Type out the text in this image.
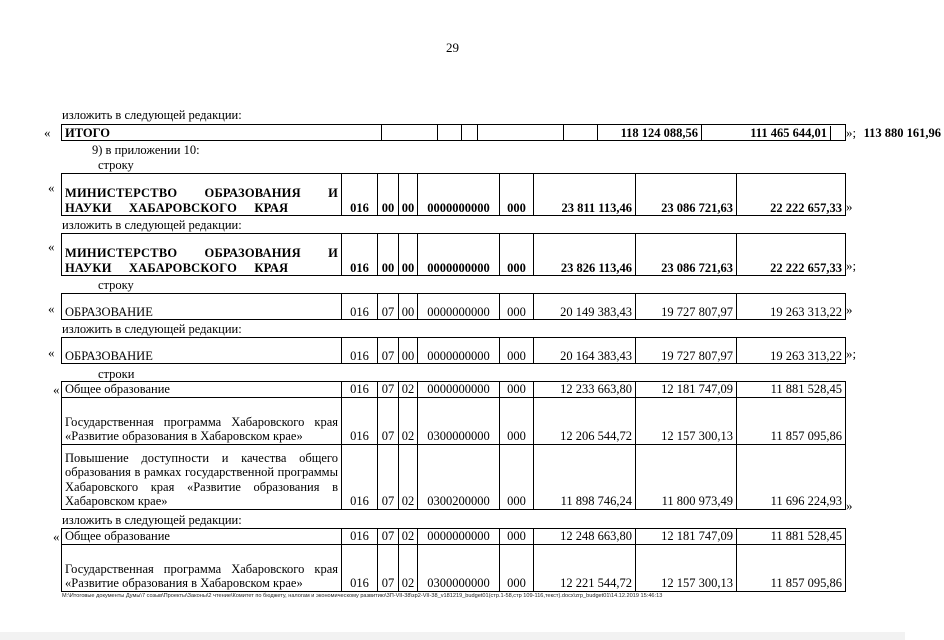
29
изложить в следующей редакции:
« ИТОГО						118 124 088,56	111 465 644,01	113 880 161,96
»;
9) в приложении 10:
строку
« МИНИСТЕРСТВО ОБРАЗОВАНИЯ И НАУКИ ХАБАРОВСКОГО КРАЯ	016	00	00	0000000000	000	23 811 113,46	23 086 721,63	22 222 657,33 »
изложить в следующей редакции:
« МИНИСТЕРСТВО ОБРАЗОВАНИЯ И НАУКИ ХАБАРОВСКОГО КРАЯ	016	00	00	0000000000	000	23 826 113,46	23 086 721,63	22 222 657,33 »;
строку
« ОБРАЗОВАНИЕ	016	07	00	0000000000	000	20 149 383,43	19 727 807,97	19 263 313,22 »
изложить в следующей редакции:
« ОБРАЗОВАНИЕ	016	07	00	0000000000	000	20 164 383,43	19 727 807,97	19 263 313,22 »;
строки
« Общее образование	016	07	02	0000000000	000	12 233 663,80	12 181 747,09	11 881 528,45
Государственная программа Хабаровского края «Развитие образования в Хабаровском крае»	016	07	02	0300000000	000	12 206 544,72	12 157 300,13	11 857 095,86
Повышение доступности и качества общего образования в рамках государственной программы Хабаровского края «Развитие образования в Хабаровском крае»	016	07	02	0300200000	000	11 898 746,24	11 800 973,49	11 696 224,93 »
изложить в следующей редакции:
« Общее образование	016	07	02	0000000000	000	12 248 663,80	12 181 747,09	11 881 528,45
Государственная программа Хабаровского края «Развитие образования в Хабаровском крае»	016	07	02	0300000000	000	12 221 544,72	12 157 300,13	11 857 095,86
M:\Итоговые документы Думы\7 созыв\Проекты\Законы\2 чтение\Комитет по бюджету, налогам и экономическому развитию\3П-VII-38\зр2-VII-38_v181219_budget01(стр.1-58,стр 109-116,текст).docx\zrp_budget01\14.12.2019 15:46:13
